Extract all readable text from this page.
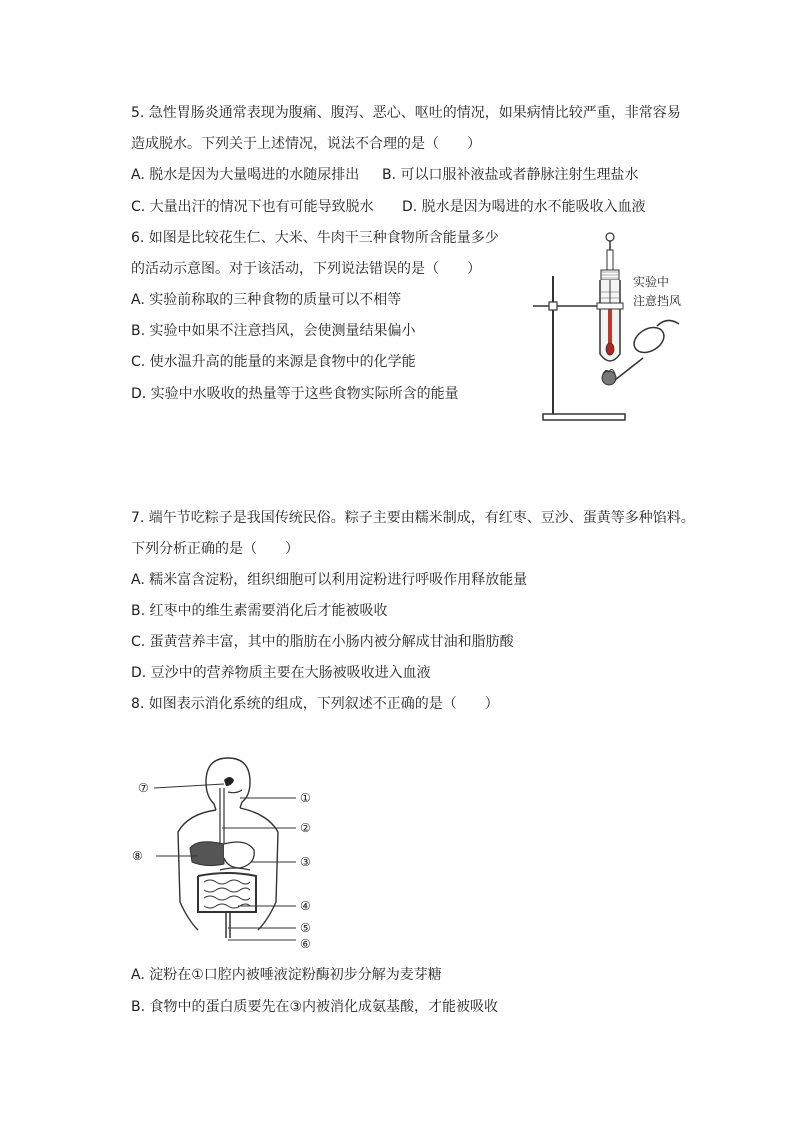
5. 急性胃肠炎通常表现为腹痛、腹泻、恶心、呕吐的情况，如果病情比较严重，非常容易
造成脱水。下列关于上述情况，说法不合理的是（　　）
A. 脱水是因为大量喝进的水随尿排出 B. 可以口服补液盐或者静脉注射生理盐水
C. 大量出汗的情况下也有可能导致脱水 D. 脱水是因为喝进的水不能吸收入血液
6. 如图是比较花生仁、大米、牛肉干三种食物所含能量多少
的活动示意图。对于该活动，下列说法错误的是（　　）
A. 实验前称取的三种食物的质量可以不相等
B. 实验中如果不注意挡风，会使测量结果偏小
C. 使水温升高的能量的来源是食物中的化学能
D. 实验中水吸收的热量等于这些食物实际所含的能量
实验中
注意挡风
7. 端午节吃粽子是我国传统民俗。粽子主要由糯米制成，有红枣、豆沙、蛋黄等多种馅料。
下列分析正确的是（　　）
A. 糯米富含淀粉，组织细胞可以利用淀粉进行呼吸作用释放能量
B. 红枣中的维生素需要消化后才能被吸收
C. 蛋黄营养丰富，其中的脂肪在小肠内被分解成甘油和脂肪酸
D. 豆沙中的营养物质主要在大肠被吸收进入血液
8. 如图表示消化系统的组成，下列叙述不正确的是（　　）
⑦
①
②
③
⑧
④
⑤
⑥
A. 淀粉在①口腔内被唾液淀粉酶初步分解为麦芽糖
B. 食物中的蛋白质要先在③内被消化成氨基酸，才能被吸收
